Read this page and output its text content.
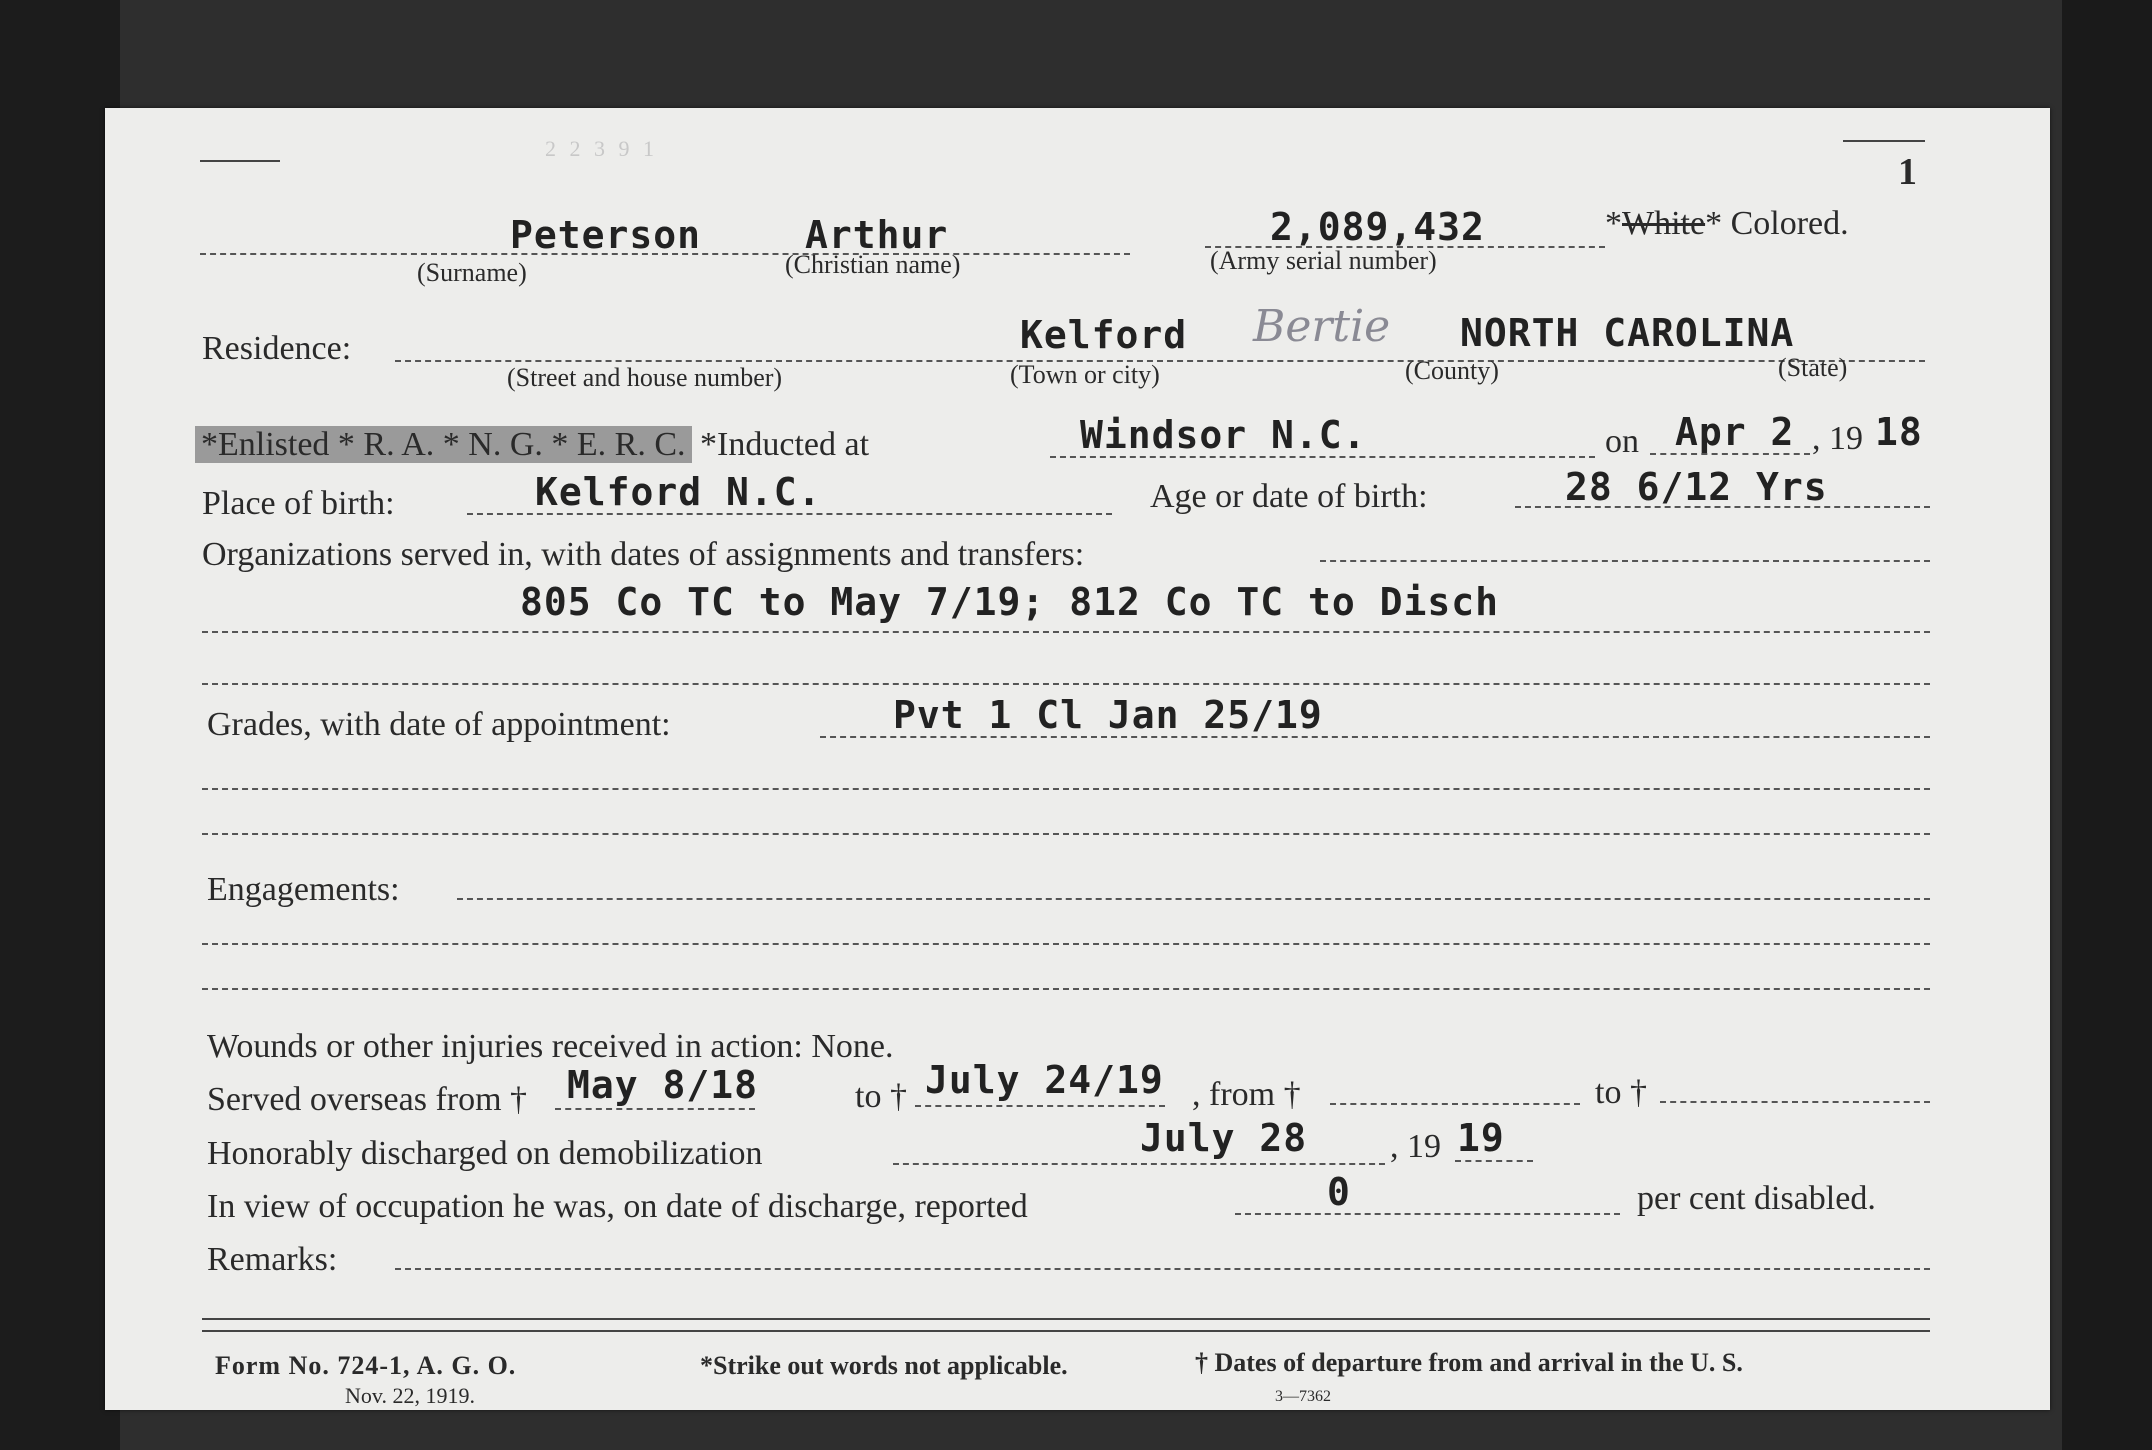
1
2 2 3 9 1
Peterson	Arthur
(Surname)	(Christian name)
2,089,432
(Army serial number)
*White* Colored.
Residence:	Kelford Bertie NORTH CAROLINA
(Street and house number)	(Town or city)	(County)	(State)
*Enlisted * R. A. * N. G. * E. R. C. *Inducted at	Windsor N.C.	on Apr 2 , 19 18
Place of birth:	Kelford N.C.	Age or date of birth:	28 6/12 Yrs
Organizations served in, with dates of assignments and transfers:
805 Co TC to May 7/19; 812 Co TC to Disch
Grades, with date of appointment:	Pvt 1 Cl Jan 25/19
Engagements:
Wounds or other injuries received in action: None.
Served overseas from † May 8/18	to † July 24/19 , from †	to †
Honorably discharged on demobilization	July 28 , 19 19
In view of occupation he was, on date of discharge, reported	0	per cent disabled.
Remarks:
Form No. 724-1, A. G. O.
Nov. 22, 1919.
*Strike out words not applicable.	† Dates of departure from and arrival in the U. S.
3—7362
